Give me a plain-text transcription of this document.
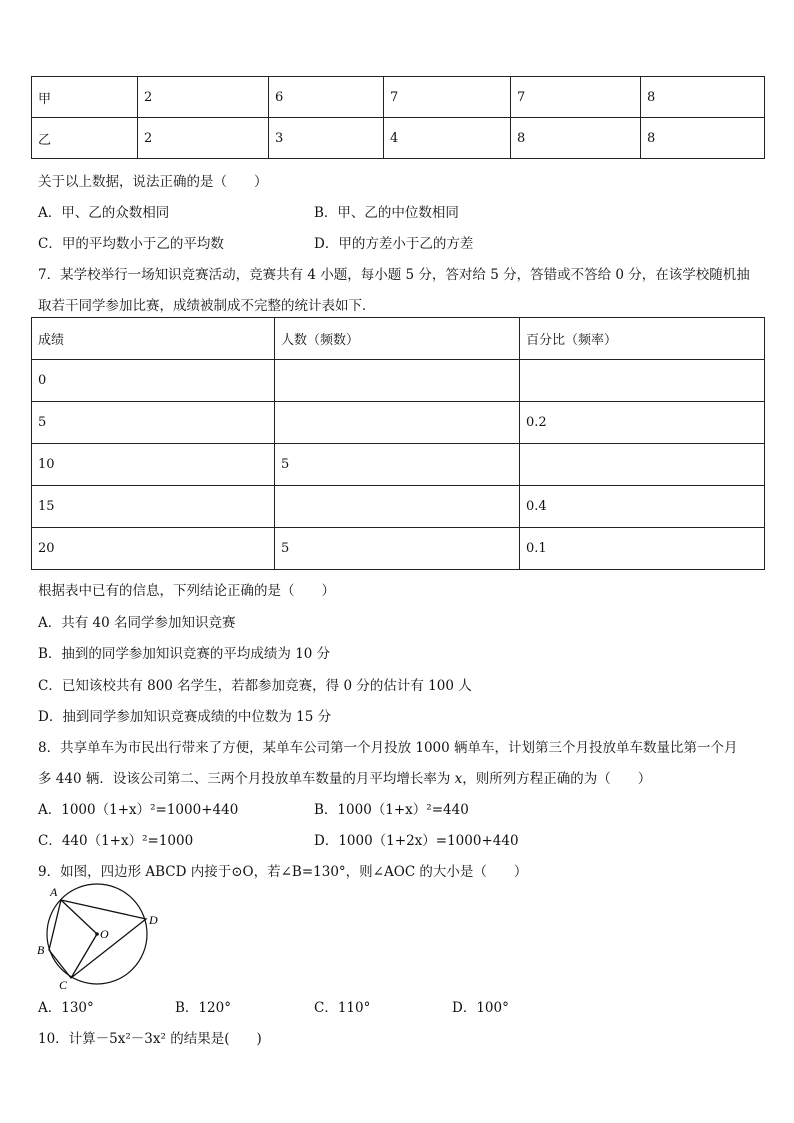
甲	2	6	7	7	8
乙	2	3	4	8	8
关于以上数据，说法正确的是（　　）
A．甲、乙的众数相同	B．甲、乙的中位数相同
C．甲的平均数小于乙的平均数	D．甲的方差小于乙的方差
7．某学校举行一场知识竞赛活动，竞赛共有 4 小题，每小题 5 分，答对给 5 分，答错或不答给 0 分，在该学校随机抽
取若干同学参加比赛，成绩被制成不完整的统计表如下．
成绩	人数（频数）	百分比（频率）
0		
5		0.2
10	5	
15		0.4
20	5	0.1
根据表中已有的信息，下列结论正确的是（　　）
A．共有 40 名同学参加知识竞赛
B．抽到的同学参加知识竞赛的平均成绩为 10 分
C．已知该校共有 800 名学生，若都参加竞赛，得 0 分的估计有 100 人
D．抽到同学参加知识竞赛成绩的中位数为 15 分
8．共享单车为市民出行带来了方便，某单车公司第一个月投放 1000 辆单车，计划第三个月投放单车数量比第一个月
多 440 辆．设该公司第二、三两个月投放单车数量的月平均增长率为 x，则所列方程正确的为（　　）
A．1000（1+x）²=1000+440	B．1000（1+x）²=440
C．440（1+x）²=1000	D．1000（1+2x）=1000+440
9．如图，四边形 ABCD 内接于⊙O，若∠B=130°，则∠AOC 的大小是（　　）
A
B
C
D
O
A．130°	B．120°	C．110°	D．100°
10．计算－5x²－3x² 的结果是(　　)
